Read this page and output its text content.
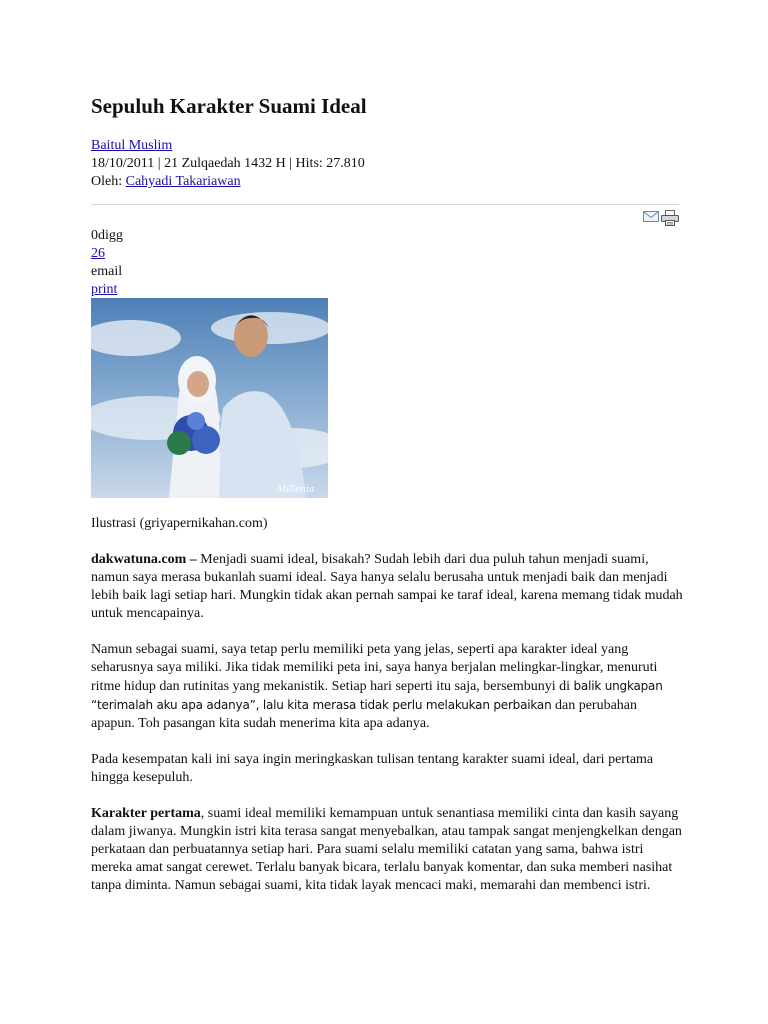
Sepuluh Karakter Suami Ideal
Baitul Muslim
18/10/2011 | 21 Zulqaedah 1432 H | Hits: 27.810
Oleh: Cahyadi Takariawan
0digg
26
email
print
Millenia
Ilustrasi (griyapernikahan.com)

dakwatuna.com – Menjadi suami ideal, bisakah? Sudah lebih dari dua puluh tahun menjadi suami, namun saya merasa bukanlah suami ideal. Saya hanya selalu berusaha untuk menjadi baik dan menjadi lebih baik lagi setiap hari. Mungkin tidak akan pernah sampai ke taraf ideal, karena memang tidak mudah untuk mencapainya.

Namun sebagai suami, saya tetap perlu memiliki peta yang jelas, seperti apa karakter ideal yang seharusnya saya miliki. Jika tidak memiliki peta ini, saya hanya berjalan melingkar-lingkar, menuruti ritme hidup dan rutinitas yang mekanistik. Setiap hari seperti itu saja, bersembunyi di balik ungkapan “terimalah aku apa adanya”, lalu kita merasa tidak perlu melakukan perbaikan dan perubahan apapun. Toh pasangan kita sudah menerima kita apa adanya.

Pada kesempatan kali ini saya ingin meringkaskan tulisan tentang karakter suami ideal, dari pertama hingga kesepuluh.

Karakter pertama, suami ideal memiliki kemampuan untuk senantiasa memiliki cinta dan kasih sayang dalam jiwanya. Mungkin istri kita terasa sangat menyebalkan, atau tampak sangat menjengkelkan dengan perkataan dan perbuatannya setiap hari. Para suami selalu memiliki catatan yang sama, bahwa istri mereka amat sangat cerewet. Terlalu banyak bicara, terlalu banyak komentar, dan suka memberi nasihat tanpa diminta. Namun sebagai suami, kita tidak layak mencaci maki, memarahi dan membenci istri.
